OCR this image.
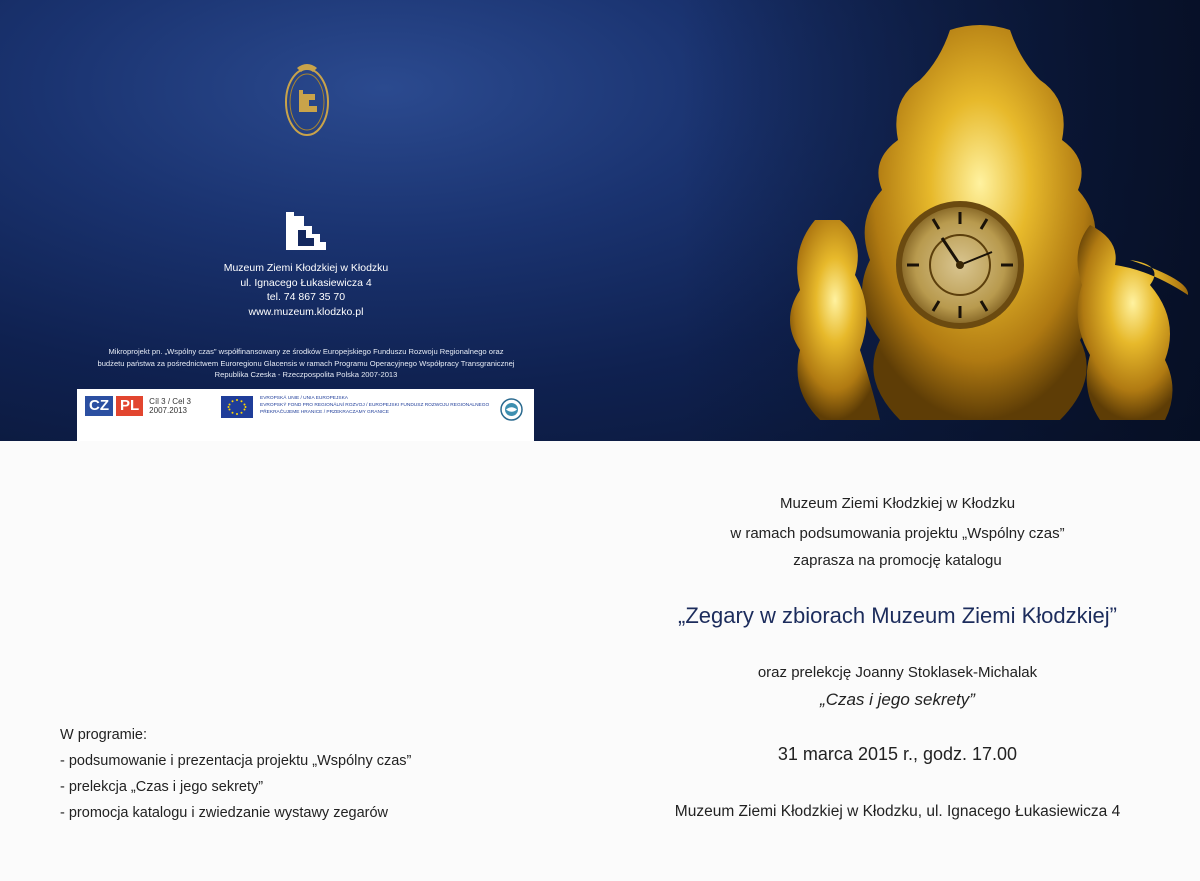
Muzeum Ziemi Kłodzkiej w Kłodzku
ul. Ignacego Łukasiewicza 4
tel. 74 867 35 70
www.muzeum.klodzko.pl
Mikroprojekt pn. „Wspólny czas” współfinansowany ze środków Europejskiego Funduszu Rozwoju Regionalnego oraz
budżetu państwa za pośrednictwem Euroregionu Glacensis w ramach Programu Operacyjnego Współpracy Transgranicznej
Republika Czeska - Rzeczpospolita Polska 2007-2013
CZ PL	Cíl 3 / Cel 3
2007.2013
EVROPSKÁ UNIE / UNIA EUROPEJSKA
EVROPSKÝ FOND PRO REGIONÁLNÍ ROZVOJ / EUROPEJSKI FUNDUSZ ROZWOJU REGIONALNEGO
PŘEKRAČUJEME HRANICE / PRZEKRACZAMY GRANICE
Muzeum Ziemi Kłodzkiej w Kłodzku
w ramach podsumowania projektu „Wspólny czas”
zaprasza na promocję katalogu
„Zegary w zbiorach Muzeum Ziemi Kłodzkiej”
oraz prelekcję Joanny Stoklasek-Michalak
„Czas i jego sekrety”
31 marca 2015 r., godz. 17.00
Muzeum Ziemi Kłodzkiej w Kłodzku, ul. Ignacego Łukasiewicza 4
W programie:
- podsumowanie i prezentacja projektu „Wspólny czas”
- prelekcja „Czas i jego sekrety”
- promocja katalogu i zwiedzanie wystawy zegarów
